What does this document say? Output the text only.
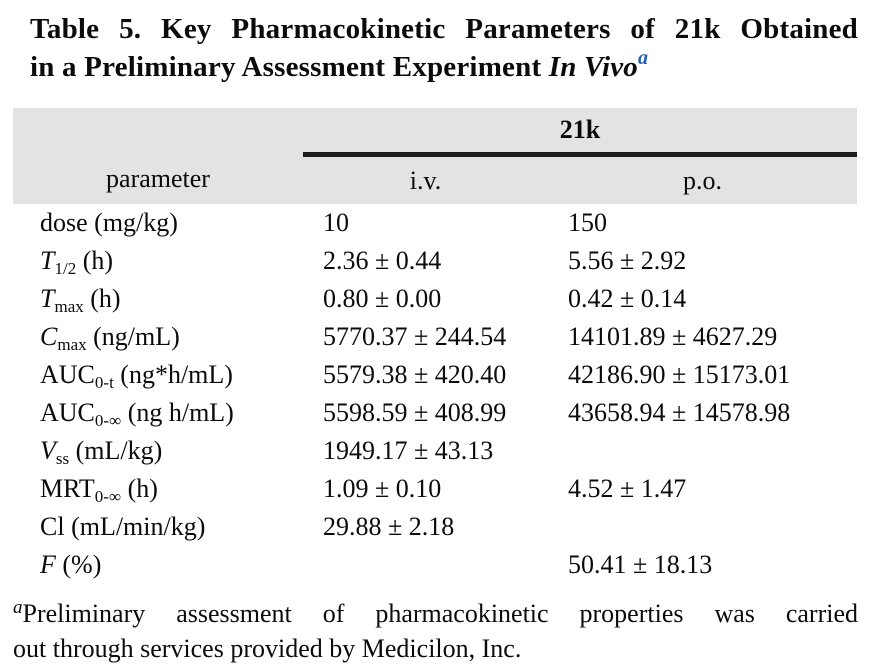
Table 5. Key Pharmacokinetic Parameters of 21k Obtained
in a Preliminary Assessment Experiment In Vivo$^a$
	21k	
parameter	i.v.	p.o.
dose (mg/kg)	10	150
T1/2 (h)	2.36 ± 0.44	5.56 ± 2.92
Tmax (h)	0.80 ± 0.00	0.42 ± 0.14
Cmax (ng/mL)	5770.37 ± 244.54	14101.89 ± 4627.29
AUC0-t (ng*h/mL)	5579.38 ± 420.40	42186.90 ± 15173.01
AUC0-∞ (ng h/mL)	5598.59 ± 408.99	43658.94 ± 14578.98
Vss (mL/kg)	1949.17 ± 43.13	
MRT0-∞ (h)	1.09 ± 0.10	4.52 ± 1.47
Cl (mL/min/kg)	29.88 ± 2.18	
F (%)		50.41 ± 18.13
$^a$Preliminary assessment of pharmacokinetic properties was carried
out through services provided by Medicilon, Inc.
